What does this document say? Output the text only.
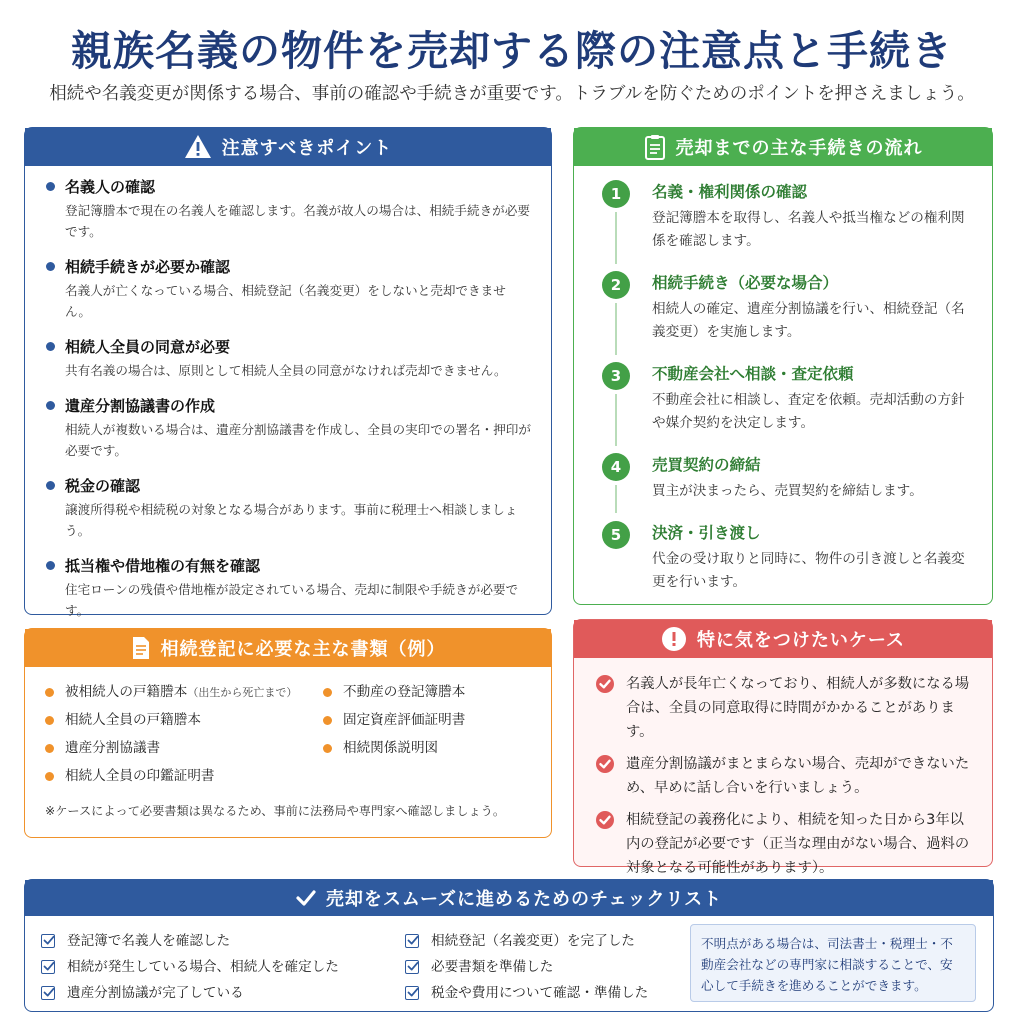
親族名義の物件を売却する際の注意点と手続き
相続や名義変更が関係する場合、事前の確認や手続きが重要です。トラブルを防ぐためのポイントを押さえましょう。
注意すべきポイント
名義人の確認
登記簿謄本で現在の名義人を確認します。名義が故人の場合は、相続手続きが必要です。
相続手続きが必要か確認
名義人が亡くなっている場合、相続登記（名義変更）をしないと売却できません。
相続人全員の同意が必要
共有名義の場合は、原則として相続人全員の同意がなければ売却できません。
遺産分割協議書の作成
相続人が複数いる場合は、遺産分割協議書を作成し、全員の実印での署名・押印が必要です。
税金の確認
譲渡所得税や相続税の対象となる場合があります。事前に税理士へ相談しましょう。
抵当権や借地権の有無を確認
住宅ローンの残債や借地権が設定されている場合、売却に制限や手続きが必要です。
売却までの主な手続きの流れ
1	名義・権利関係の確認
登記簿謄本を取得し、名義人や抵当権などの権利関係を確認します。
2	相続手続き（必要な場合）
相続人の確定、遺産分割協議を行い、相続登記（名義変更）を実施します。
3	不動産会社へ相談・査定依頼
不動産会社に相談し、査定を依頼。売却活動の方針や媒介契約を決定します。
4	売買契約の締結
買主が決まったら、売買契約を締結します。
5	決済・引き渡し
代金の受け取りと同時に、物件の引き渡しと名義変更を行います。
相続登記に必要な主な書類（例）
被相続人の戸籍謄本（出生から死亡まで）	不動産の登記簿謄本
相続人全員の戸籍謄本	固定資産評価証明書
遺産分割協議書	相続関係説明図
相続人全員の印鑑証明書
※ケースによって必要書類は異なるため、事前に法務局や専門家へ確認しましょう。
特に気をつけたいケース
名義人が長年亡くなっており、相続人が多数になる場合は、全員の同意取得に時間がかかることがあります。
遺産分割協議がまとまらない場合、売却ができないため、早めに話し合いを行いましょう。
相続登記の義務化により、相続を知った日から3年以内の登記が必要です（正当な理由がない場合、過料の対象となる可能性があります）。
売却をスムーズに進めるためのチェックリスト
登記簿で名義人を確認した
相続が発生している場合、相続人を確定した
遺産分割協議が完了している
相続登記（名義変更）を完了した
必要書類を準備した
税金や費用について確認・準備した
不明点がある場合は、司法書士・税理士・不動産会社などの専門家に相談することで、安心して手続きを進めることができます。
